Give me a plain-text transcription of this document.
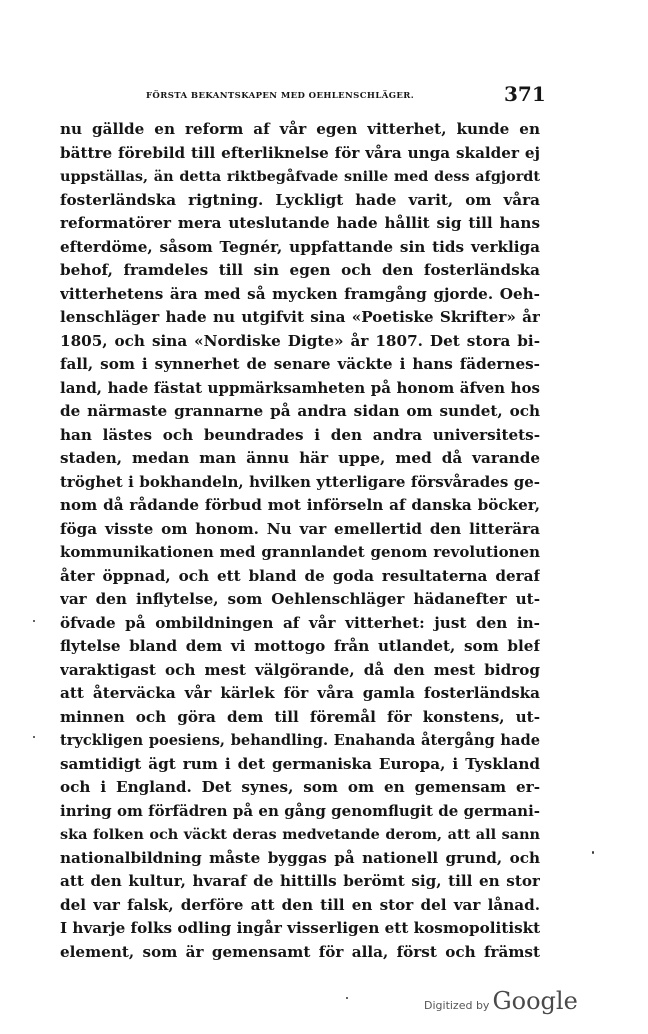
FÖRSTA BEKANTSKAPEN MED OEHLENSCHLÄGER.	371
nu gällde en reform af vår egen vitterhet, kunde en
bättre förebild till efterliknelse för våra unga skalder ej
uppställas, än detta riktbegåfvade snille med dess afgjordt
fosterländska rigtning. Lyckligt hade varit, om våra
reformatörer mera uteslutande hade hållit sig till hans
efterdöme, såsom Tegnér, uppfattande sin tids verkliga
behof, framdeles till sin egen och den fosterländska
vitterhetens ära med så mycken framgång gjorde. Oeh-
lenschläger hade nu utgifvit sina «Poetiske Skrifter» år
1805, och sina «Nordiske Digte» år 1807. Det stora bi-
fall, som i synnerhet de senare väckte i hans fädernes-
land, hade fästat uppmärksamheten på honom äfven hos
de närmaste grannarne på andra sidan om sundet, och
han lästes och beundrades i den andra universitets-
staden, medan man ännu här uppe, med då varande
tröghet i bokhandeln, hvilken ytterligare försvårades ge-
nom då rådande förbud mot införseln af danska böcker,
föga visste om honom. Nu var emellertid den litterära
kommunikationen med grannlandet genom revolutionen
åter öppnad, och ett bland de goda resultaterna deraf
var den inflytelse, som Oehlenschläger hädanefter ut-
öfvade på ombildningen af vår vitterhet: just den in-
flytelse bland dem vi mottogo från utlandet, som blef
varaktigast och mest välgörande, då den mest bidrog
att återväcka vår kärlek för våra gamla fosterländska
minnen och göra dem till föremål för konstens, ut-
tryckligen poesiens, behandling. Enahanda återgång hade
samtidigt ägt rum i det germaniska Europa, i Tyskland
och i England. Det synes, som om en gemensam er-
inring om förfädren på en gång genomflugit de germani-
ska folken och väckt deras medvetande derom, att all sann
nationalbildning måste byggas på nationell grund, och
att den kultur, hvaraf de hittills berömt sig, till en stor
del var falsk, derföre att den till en stor del var lånad.
I hvarje folks odling ingår visserligen ett kosmopolitiskt
element, som är gemensamt för alla, först och främst
Digitized by Google
